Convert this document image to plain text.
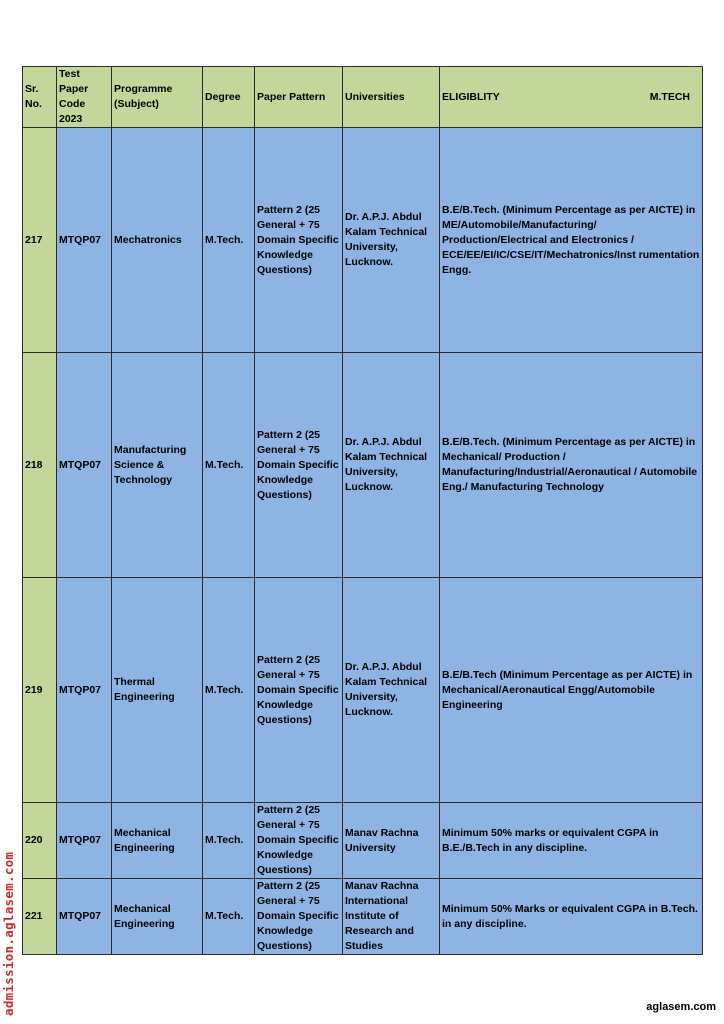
Sr. No.	Test Paper Code 2023	Programme (Subject)	Degree	Paper Pattern	Universities	ELIGIBLITY M.TECH

217	MTQP07	Mechatronics	M.Tech.	Pattern 2 (25 General + 75 Domain Specific Knowledge Questions)	Dr. A.P.J. Abdul Kalam Technical University, Lucknow.	B.E/B.Tech. (Minimum Percentage as per AICTE) in ME/Automobile/Manufacturing/ Production/Electrical and Electronics / ECE/EE/EI/IC/CSE/IT/Mechatronics/Inst rumentation Engg.
218	MTQP07	Manufacturing Science & Technology	M.Tech.	Pattern 2 (25 General + 75 Domain Specific Knowledge Questions)	Dr. A.P.J. Abdul Kalam Technical University, Lucknow.	B.E/B.Tech. (Minimum Percentage as per AICTE) in Mechanical/ Production / Manufacturing/Industrial/Aeronautical / Automobile Eng./ Manufacturing Technology
219	MTQP07	Thermal Engineering	M.Tech.	Pattern 2 (25 General + 75 Domain Specific Knowledge Questions)	Dr. A.P.J. Abdul Kalam Technical University, Lucknow.	B.E/B.Tech (Minimum Percentage as per AICTE) in Mechanical/Aeronautical Engg/Automobile Engineering
220	MTQP07	Mechanical Engineering	M.Tech.	Pattern 2 (25 General + 75 Domain Specific Knowledge Questions)	Manav Rachna University	Minimum 50% marks or equivalent CGPA in B.E./B.Tech in any discipline.
221	MTQP07	Mechanical Engineering	M.Tech.	Pattern 2 (25 General + 75 Domain Specific Knowledge Questions)	Manav Rachna International Institute of Research and Studies	Minimum 50% Marks or equivalent CGPA in B.Tech. in any discipline.
admission.aglasem.com	aglasem.com
